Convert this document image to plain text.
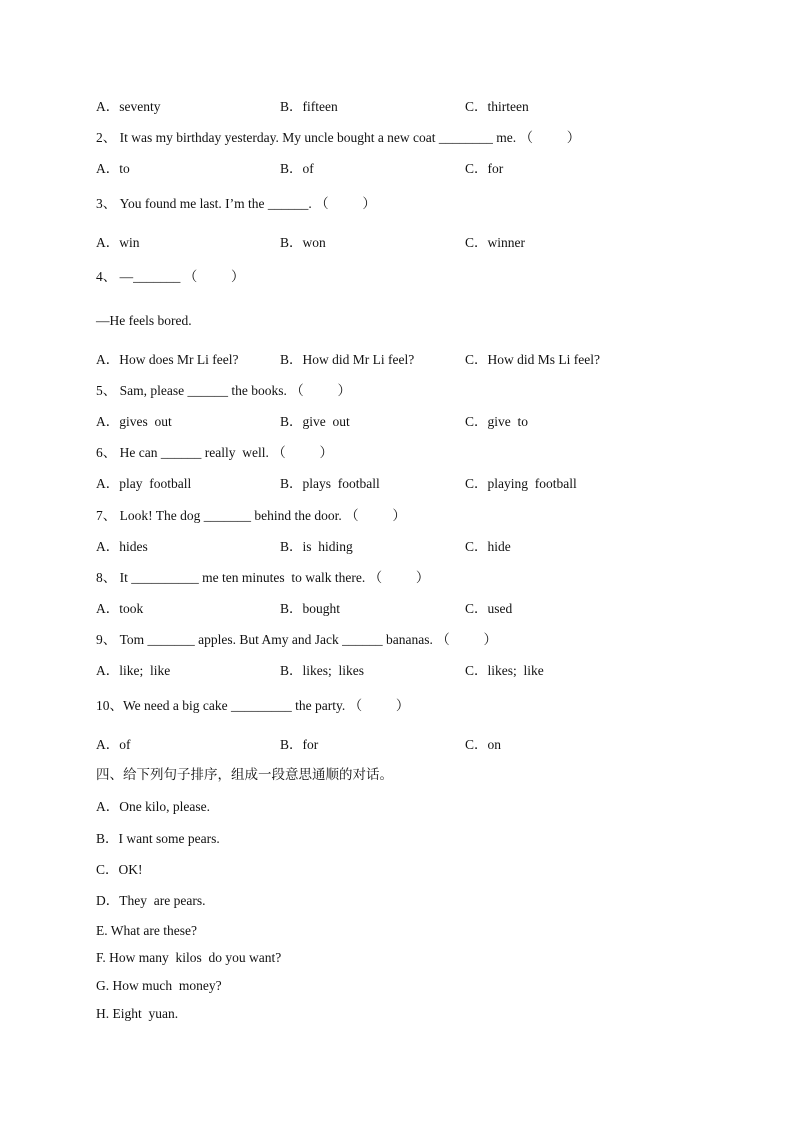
A．seventy	B．fifteen	C．thirteen
2、 It was my birthday yesterday. My uncle bought a new coat ________ me. （          ）
A．to	B．of	C．for
3、 You found me last. I’m the ______. （          ）
A．win	B．won	C．winner
4、 —_______ （          ）
—He feels bored.
A．How does Mr Li feel?	B．How did Mr Li feel?	C．How did Ms Li feel?
5、 Sam, please ______ the books. （          ）
A．gives  out	B．give  out	C．give  to
6、 He can ______ really  well. （          ）
A．play  football	B．plays  football	C．playing  football
7、 Look! The dog _______ behind the door. （          ）
A．hides	B．is  hiding	C．hide
8、 It __________ me ten minutes  to walk there. （          ）
A．took	B．bought	C．used
9、 Tom _______ apples. But Amy and Jack ______ bananas. （          ）
A．like;  like	B．likes;  likes	C．likes;  like
10、We need a big cake _________ the party. （          ）
A．of	B．for	C．on
四、给下列句子排序，组成一段意思通顺的对话。
A．One kilo, please.
B．I want some pears.
C．OK!
D．They  are pears.
E. What are these?
F. How many  kilos  do you want?
G. How much  money?
H. Eight  yuan.
